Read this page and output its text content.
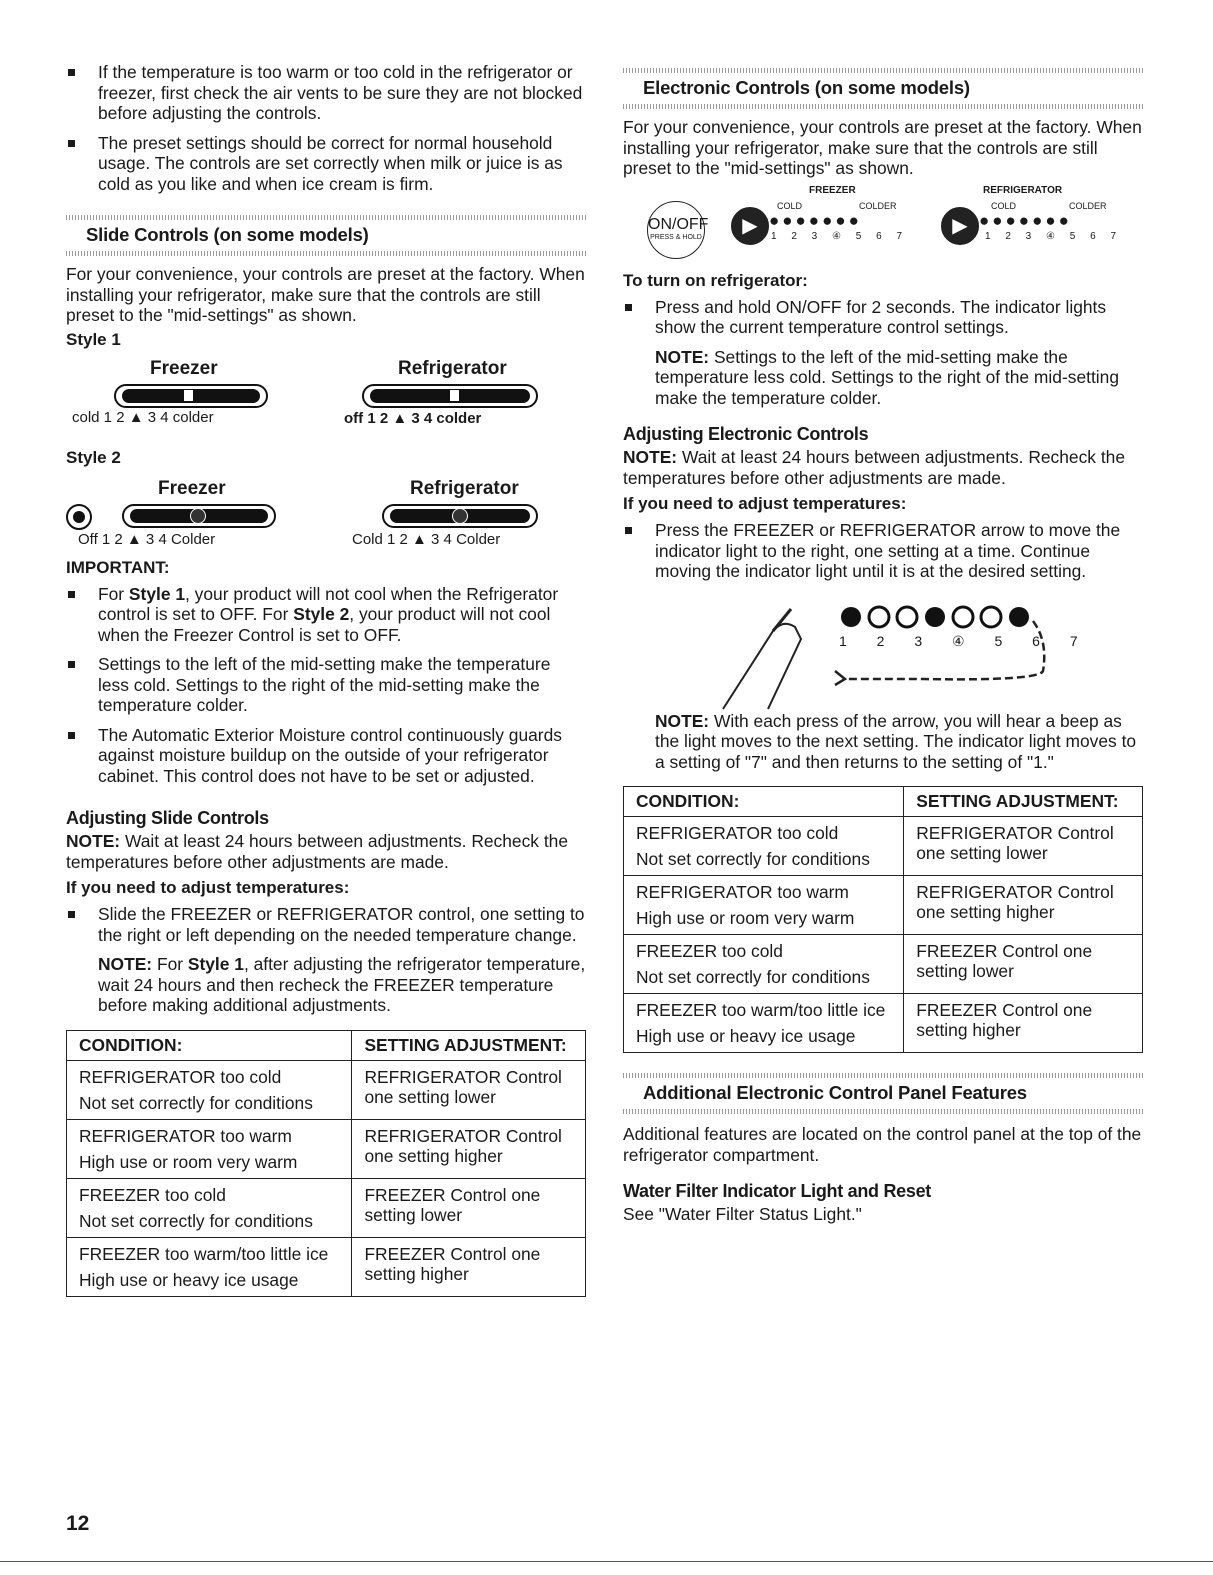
If the temperature is too warm or too cold in the refrigerator or freezer, first check the air vents to be sure they are not blocked before adjusting the controls.

The preset settings should be correct for normal household usage. The controls are set correctly when milk or juice is as cold as you like and when ice cream is firm.

Slide Controls (on some models)

For your convenience, your controls are preset at the factory. When installing your refrigerator, make sure that the controls are still preset to the "mid-settings" as shown.

Style 1

Freezer	Refrigerator
cold 1 2 ▲ 3 4 colder	off 1 2 ▲ 3 4 colder

Style 2

Freezer	Refrigerator
Off 1 2 ▲ 3 4 Colder	Cold 1 2 ▲ 3 4 Colder

IMPORTANT:

For Style 1, your product will not cool when the Refrigerator control is set to OFF. For Style 2, your product will not cool when the Freezer Control is set to OFF.

Settings to the left of the mid-setting make the temperature less cold. Settings to the right of the mid-setting make the temperature colder.

The Automatic Exterior Moisture control continuously guards against moisture buildup on the outside of your refrigerator cabinet. This control does not have to be set or adjusted.

Adjusting Slide Controls

NOTE: Wait at least 24 hours between adjustments. Recheck the temperatures before other adjustments are made.

If you need to adjust temperatures:

Slide the FREEZER or REFRIGERATOR control, one setting to the right or left depending on the needed temperature change.

NOTE: For Style 1, after adjusting the refrigerator temperature, wait 24 hours and then recheck the FREEZER temperature before making additional adjustments.

CONDITION:	SETTING ADJUSTMENT:

REFRIGERATOR too cold
Not set correctly for conditions	REFRIGERATOR Control one setting lower

REFRIGERATOR too warm
High use or room very warm	REFRIGERATOR Control one setting higher

FREEZER too cold
Not set correctly for conditions	FREEZER Control one setting lower

FREEZER too warm/too little ice
High use or heavy ice usage	FREEZER Control one setting higher
Electronic Controls (on some models)

For your convenience, your controls are preset at the factory. When installing your refrigerator, make sure that the controls are still preset to the "mid-settings" as shown.

FREEZER	REFRIGERATOR
ON/OFF
PRESS & HOLD
▶
COLD	COLDER
●●●●●●●
1 2 3 ④ 5 6 7	▶
COLD	COLDER
●●●●●●●
1 2 3 ④ 5 6 7

To turn on refrigerator:

Press and hold ON/OFF for 2 seconds. The indicator lights show the current temperature control settings.

NOTE: Settings to the left of the mid-setting make the temperature less cold. Settings to the right of the mid-setting make the temperature colder.

Adjusting Electronic Controls

NOTE: Wait at least 24 hours between adjustments. Recheck the temperatures before other adjustments are made.

If you need to adjust temperatures:

Press the FREEZER or REFRIGERATOR arrow to move the indicator light to the right, one setting at a time. Continue moving the indicator light until it is at the desired setting.

1 2 3 ④ 5 6 7

NOTE: With each press of the arrow, you will hear a beep as the light moves to the next setting. The indicator light moves to a setting of "7" and then returns to the setting of "1."

CONDITION:	SETTING ADJUSTMENT:

REFRIGERATOR too cold
Not set correctly for conditions	REFRIGERATOR Control one setting lower

REFRIGERATOR too warm
High use or room very warm	REFRIGERATOR Control one setting higher

FREEZER too cold
Not set correctly for conditions	FREEZER Control one setting lower

FREEZER too warm/too little ice
High use or heavy ice usage	FREEZER Control one setting higher
Additional Electronic Control Panel Features

Additional features are located on the control panel at the top of the refrigerator compartment.

Water Filter Indicator Light and Reset

See "Water Filter Status Light."

12
